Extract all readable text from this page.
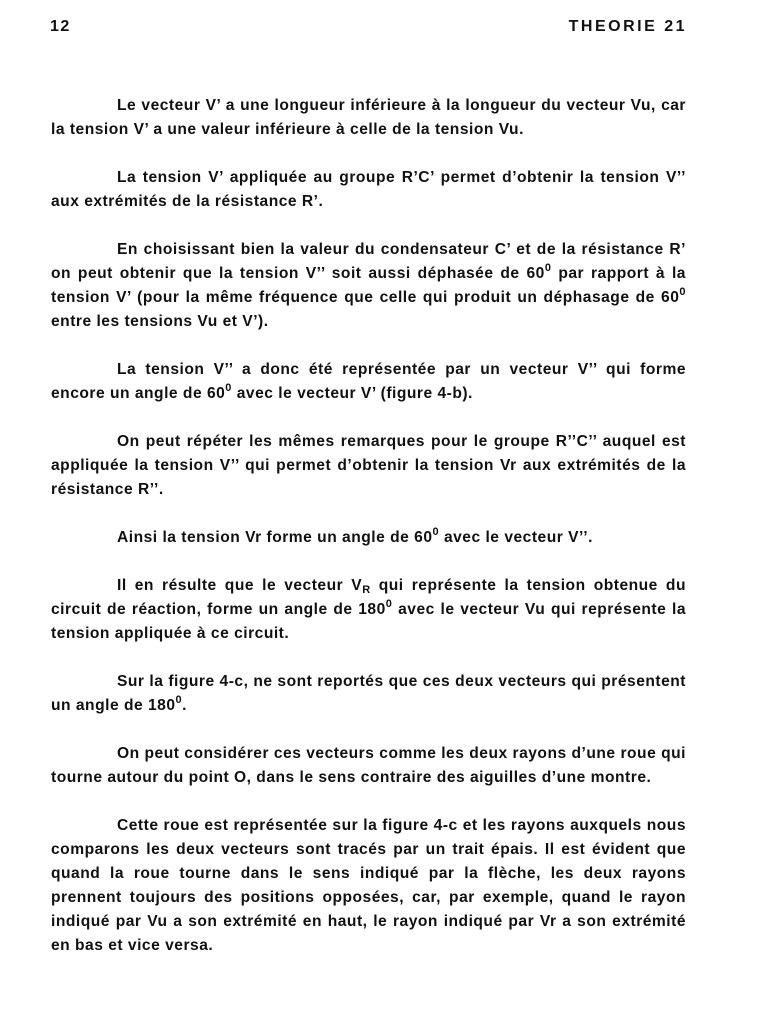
12	THEORIE 21

Le vecteur V’ a une longueur inférieure à la longueur du vecteur Vu, car la tension V’ a une valeur inférieure à celle de la tension Vu.

La tension V’ appliquée au groupe R’C’ permet d’obtenir la tension V’’ aux extrémités de la résistance R’.

En choisissant bien la valeur du condensateur C’ et de la résistance R’ on peut obtenir que la tension V’’ soit aussi déphasée de $60^0$ par rapport à la tension V’ (pour la même fréquence que celle qui produit un déphasage de $60^0$ entre les tensions Vu et V’).

La tension V’’ a donc été représentée par un vecteur V’’ qui forme encore un angle de $60^0$ avec le vecteur V’ (figure 4-b).

On peut répéter les mêmes remarques pour le groupe R’’C’’ auquel est appliquée la tension V’’ qui permet d’obtenir la tension Vr aux extrémités de la résistance R’’.

Ainsi la tension Vr forme un angle de $60^0$ avec le vecteur V’’.

Il en résulte que le vecteur $V_R$ qui représente la tension obtenue du circuit de réaction, forme un angle de $180^0$ avec le vecteur Vu qui représente la tension appliquée à ce circuit.

Sur la figure 4-c, ne sont reportés que ces deux vecteurs qui présentent un angle de $180^0$.

On peut considérer ces vecteurs comme les deux rayons d’une roue qui tourne autour du point O, dans le sens contraire des aiguilles d’une montre.

Cette roue est représentée sur la figure 4-c et les rayons auxquels nous comparons les deux vecteurs sont tracés par un trait épais. Il est évident que quand la roue tourne dans le sens indiqué par la flèche, les deux rayons prennent toujours des positions opposées, car, par exemple, quand le rayon indiqué par Vu a son extrémité en haut, le rayon indiqué par Vr a son extrémité en bas et vice versa.
